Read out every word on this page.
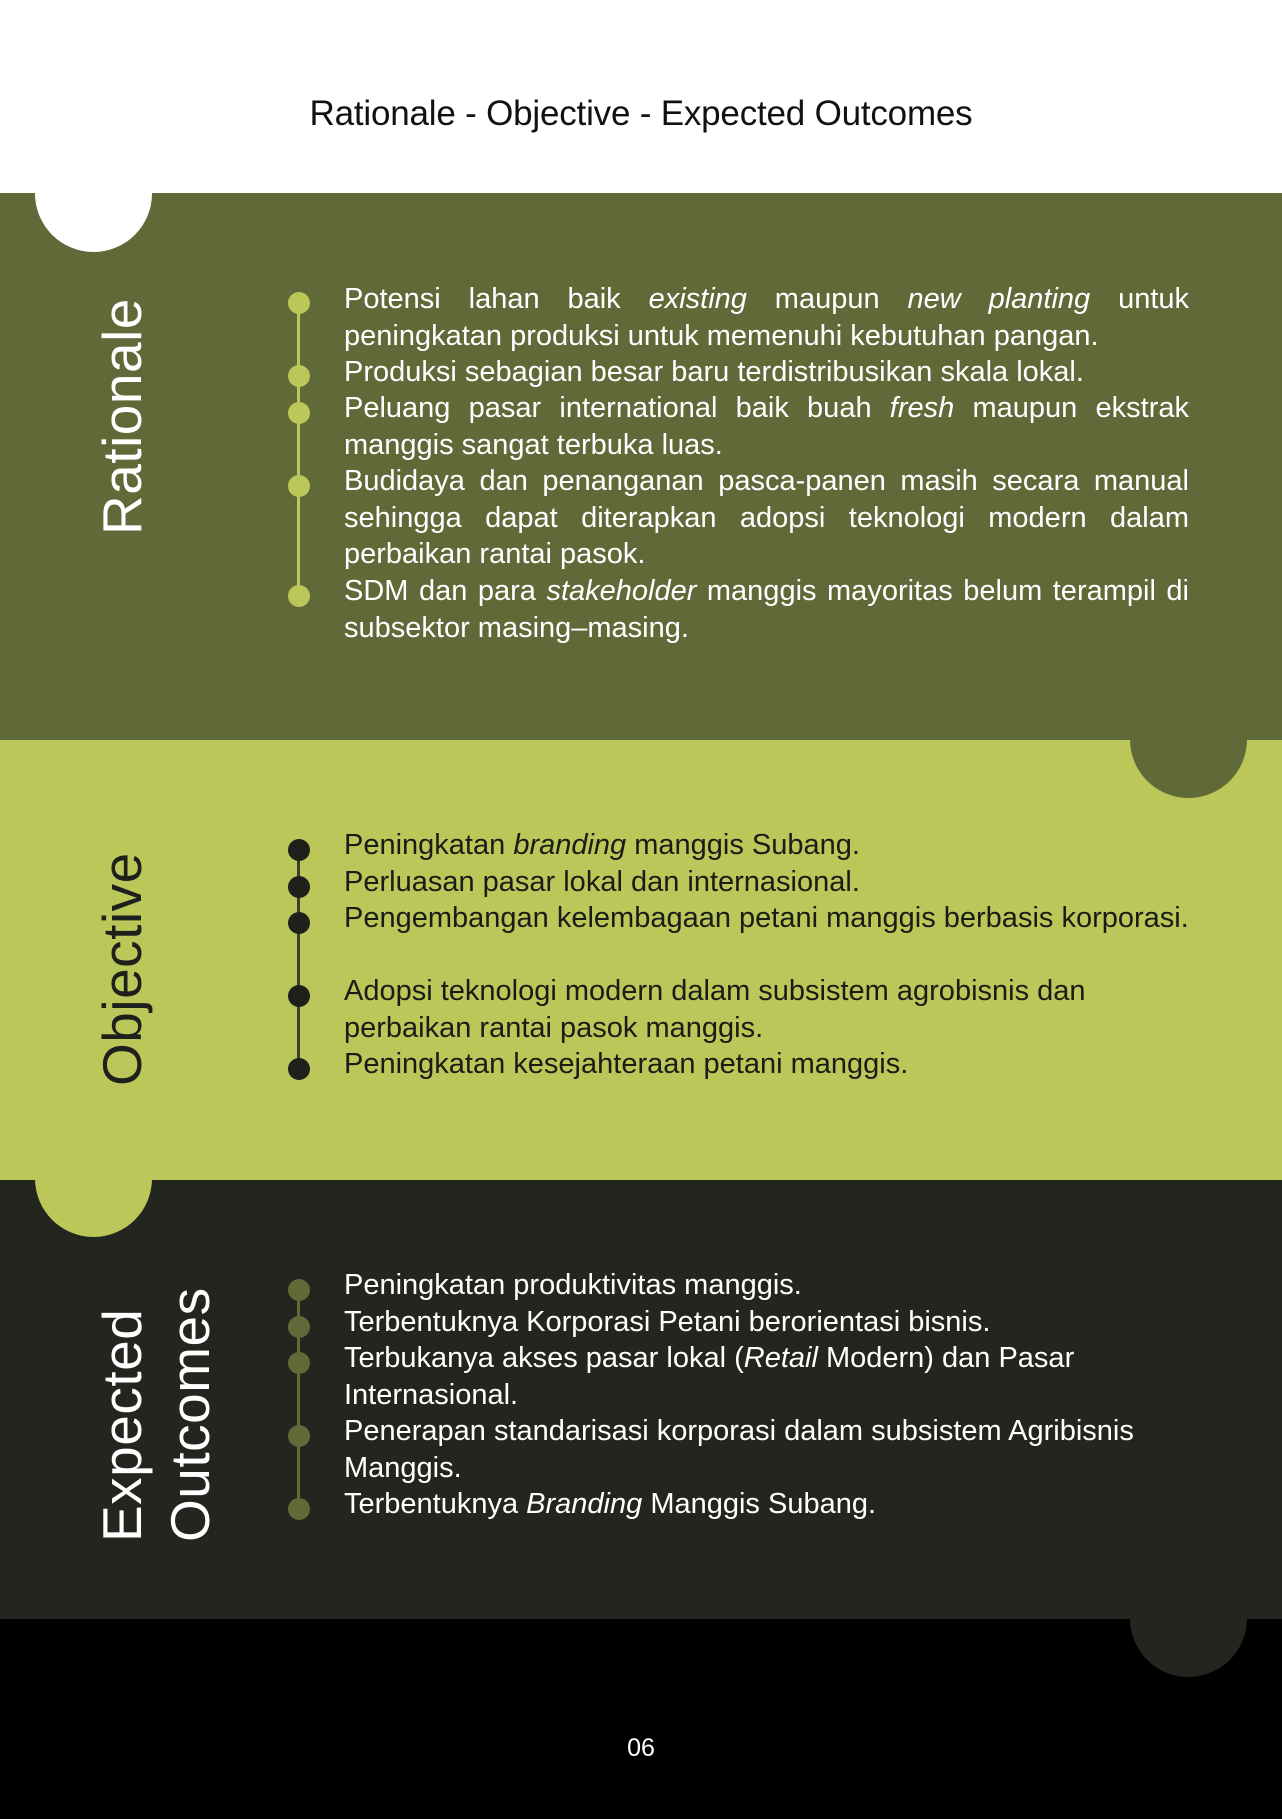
Rationale - Objective - Expected Outcomes
Rationale	Potensi lahan baik existing maupun new planting untuk peningkatan produksi untuk memenuhi kebutuhan pangan.
Produksi sebagian besar baru terdistribusikan skala lokal.
Peluang pasar international baik buah fresh maupun ekstrak manggis sangat terbuka luas.
Budidaya dan penanganan pasca-panen masih secara manual sehingga dapat diterapkan adopsi teknologi modern dalam perbaikan rantai pasok.
SDM dan para stakeholder manggis mayoritas belum terampil di subsektor masing–masing.
Objective
Peningkatan branding manggis Subang.
Perluasan pasar lokal dan internasional.
Pengembangan kelembagaan petani manggis berbasis korporasi.
Adopsi teknologi modern dalam subsistem agrobisnis dan perbaikan rantai pasok manggis.
Peningkatan kesejahteraan petani manggis.
Expected Outcomes
Peningkatan produktivitas manggis.
Terbentuknya Korporasi Petani berorientasi bisnis.
Terbukanya akses pasar lokal (Retail Modern) dan Pasar Internasional.
Penerapan standarisasi korporasi dalam subsistem Agribisnis Manggis.
Terbentuknya Branding Manggis Subang.
06
